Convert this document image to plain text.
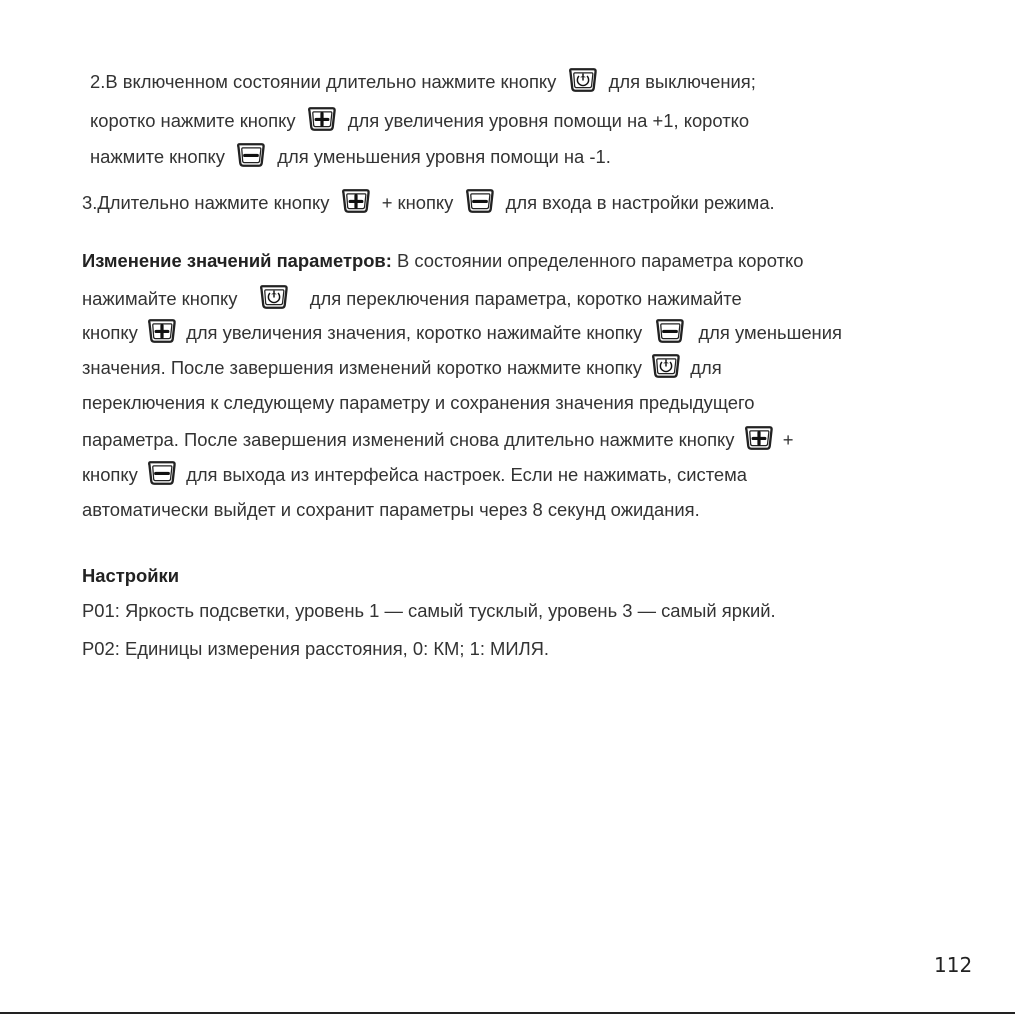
2.В включенном состоянии длительно нажмите кнопку	для выключения;
коротко нажмите кнопку	для увеличения уровня помощи на +1, коротко
нажмите кнопку	для уменьшения уровня помощи на -1.
3.Длительно нажмите кнопку	+ кнопку	для входа в настройки режима.
Изменение значений параметров: В состоянии определенного параметра коротко
нажимайте кнопку	для переключения параметра, коротко нажимайте
кнопку	для увеличения значения, коротко нажимайте кнопку	для уменьшения
значения. После завершения изменений коротко нажмите кнопку	для
переключения к следующему параметру и сохранения значения предыдущего
параметра. После завершения изменений снова длительно нажмите кнопку	+
кнопку	для выхода из интерфейса настроек. Если не нажимать, система
автоматически выйдет и сохранит параметры через 8 секунд ожидания.
Настройки
P01: Яркость подсветки, уровень 1 — самый тусклый, уровень 3 — самый яркий.
P02: Единицы измерения расстояния, 0: КМ; 1: МИЛЯ.
112
